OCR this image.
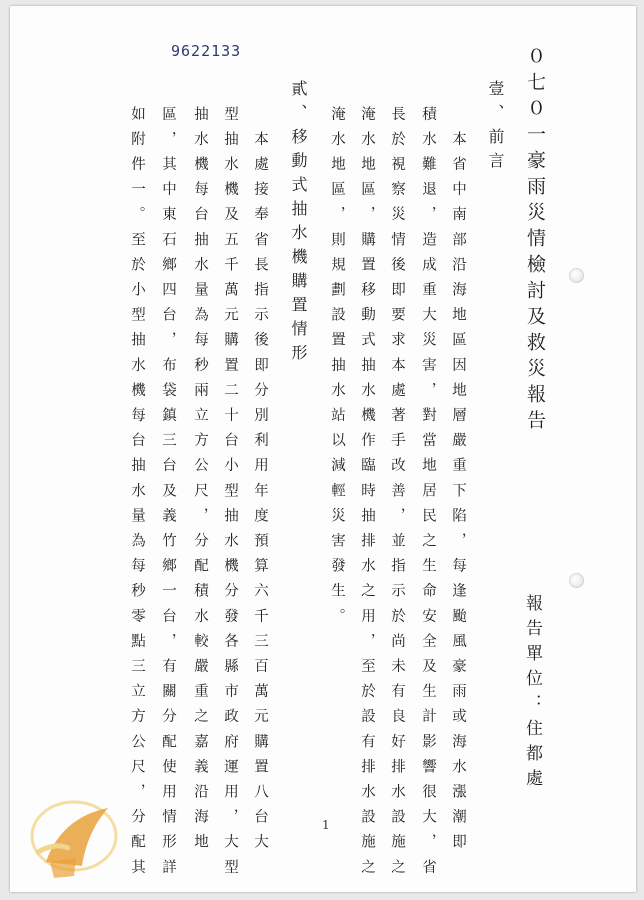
9622133	０七０一豪雨災情檢討及救災報告
壹、前言
　本省中南部沿海地區因地層嚴重下陷，每逢颱風豪雨或海水漲潮即
積水難退，造成重大災害，對當地居民之生命安全及生計影響很大，省
長於視察災情後即要求本處著手改善，並指示於尚未有良好排水設施之
淹水地區，購置移動式抽水機作臨時抽排水之用，至於設有排水設施之
淹水地區，則規劃設置抽水站以減輕災害發生。
貳、移動式抽水機購置情形
　本處接奉省長指示後即分別利用年度預算六千三百萬元購置八台大
型抽水機及五千萬元購置二十台小型抽水機分發各縣市政府運用，大型
抽水機每台抽水量為每秒兩立方公尺，分配積水較嚴重之嘉義沿海地
區，其中東石鄉四台，布袋鎮三台及義竹鄉一台，有關分配使用情形詳
如附件一。至於小型抽水機每台抽水量為每秒零點三立方公尺，分配其	報告單位：住都處
1
